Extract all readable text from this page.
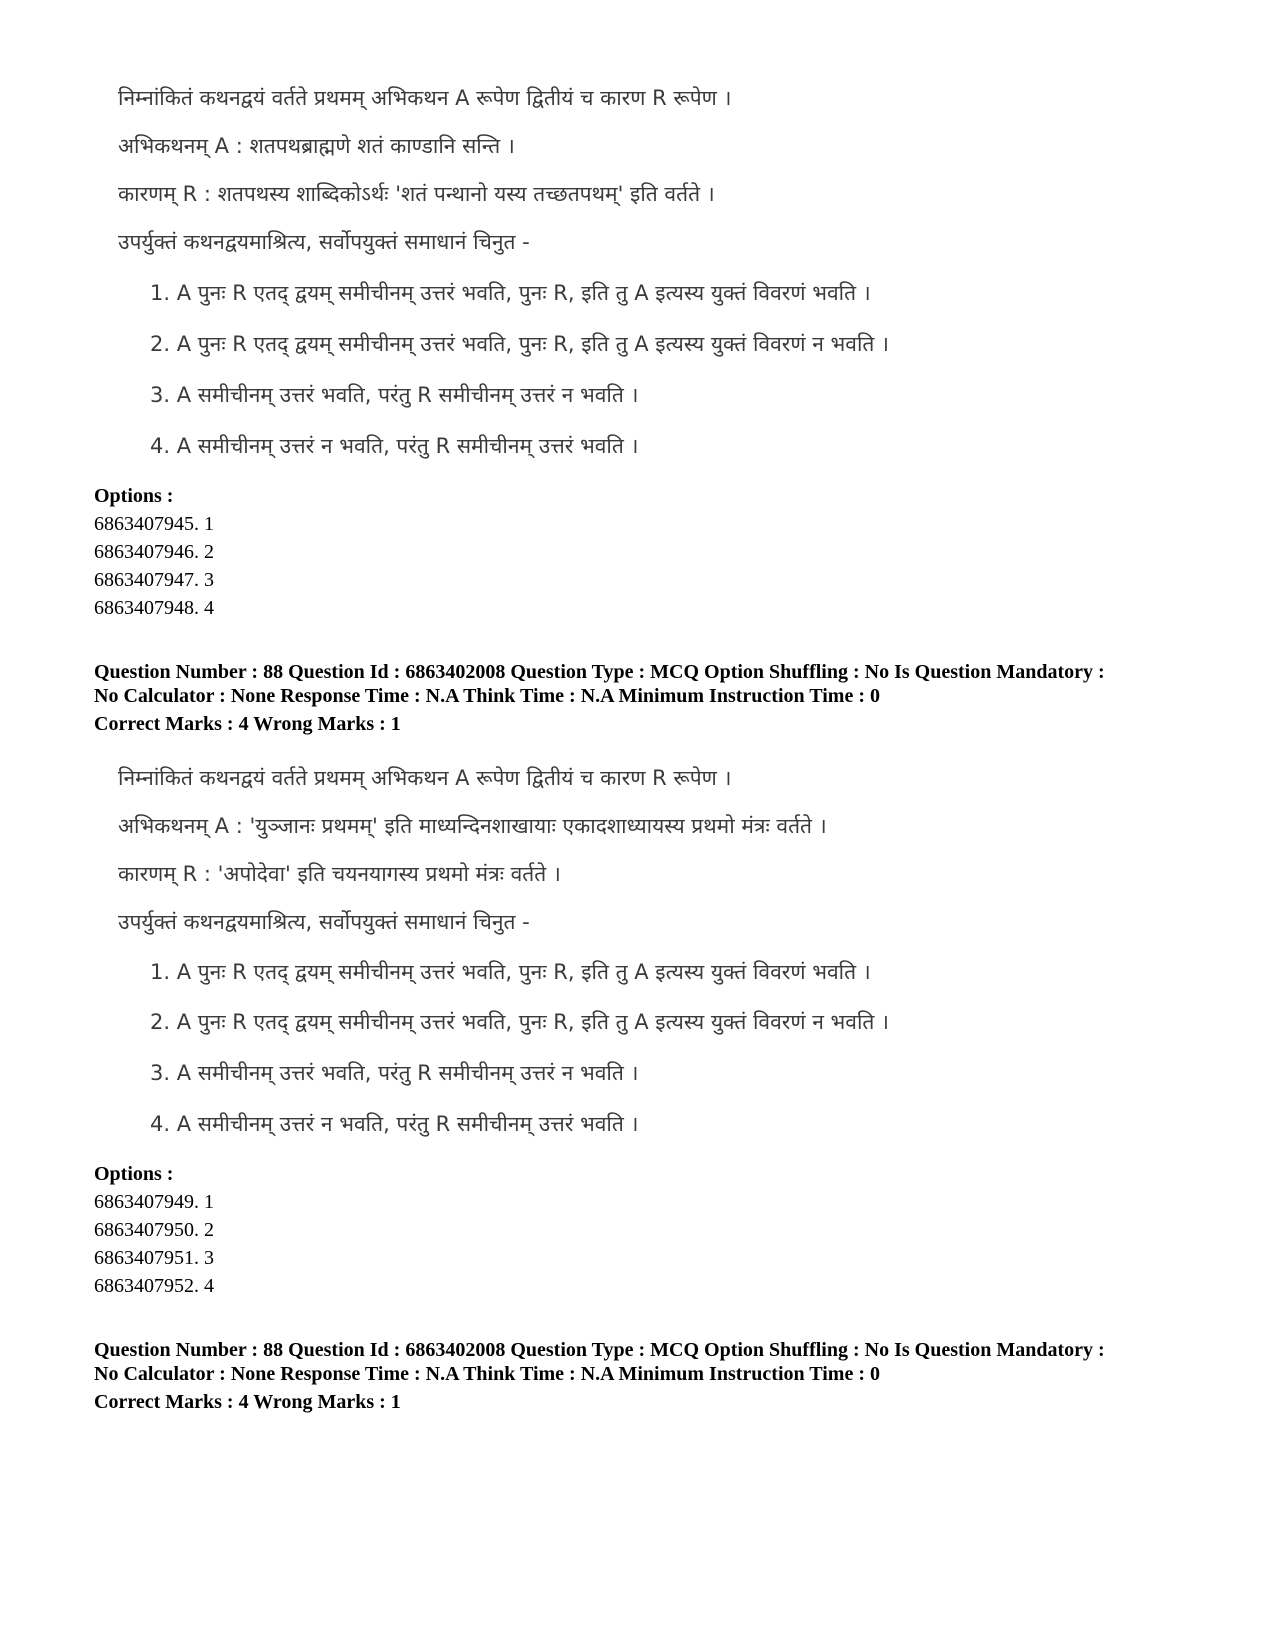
निम्नांकितं कथनद्वयं वर्तते प्रथमम् अभिकथन A रूपेण द्वितीयं च कारण R रूपेण ।
अभिकथनम् A : शतपथब्राह्मणे शतं काण्डानि सन्ति ।
कारणम् R : शतपथस्य शाब्दिकोऽर्थः 'शतं पन्थानो यस्य तच्छतपथम्' इति वर्तते ।
उपर्युक्तं कथनद्वयमाश्रित्य, सर्वोपयुक्तं समाधानं चिनुत -
1. A पुनः R एतद् द्वयम् समीचीनम् उत्तरं भवति, पुनः R, इति तु A इत्यस्य युक्तं विवरणं भवति ।
2. A पुनः R एतद् द्वयम् समीचीनम् उत्तरं भवति, पुनः R, इति तु A इत्यस्य युक्तं विवरणं न भवति ।
3. A समीचीनम् उत्तरं भवति, परंतु R समीचीनम् उत्तरं न भवति ।
4. A समीचीनम् उत्तरं न भवति, परंतु R समीचीनम् उत्तरं भवति ।
Options :
6863407945. 1
6863407946. 2
6863407947. 3
6863407948. 4
Question Number : 88 Question Id : 6863402008 Question Type : MCQ Option Shuffling : No Is Question Mandatory :
No Calculator : None Response Time : N.A Think Time : N.A Minimum Instruction Time : 0
Correct Marks : 4 Wrong Marks : 1
निम्नांकितं कथनद्वयं वर्तते प्रथमम् अभिकथन A रूपेण द्वितीयं च कारण R रूपेण ।
अभिकथनम् A : 'युञ्जानः प्रथमम्' इति माध्यन्दिनशाखायाः एकादशाध्यायस्य प्रथमो मंत्रः वर्तते ।
कारणम् R : 'अपोदेवा' इति चयनयागस्य प्रथमो मंत्रः वर्तते ।
उपर्युक्तं कथनद्वयमाश्रित्य, सर्वोपयुक्तं समाधानं चिनुत -
1. A पुनः R एतद् द्वयम् समीचीनम् उत्तरं भवति, पुनः R, इति तु A इत्यस्य युक्तं विवरणं भवति ।
2. A पुनः R एतद् द्वयम् समीचीनम् उत्तरं भवति, पुनः R, इति तु A इत्यस्य युक्तं विवरणं न भवति ।
3. A समीचीनम् उत्तरं भवति, परंतु R समीचीनम् उत्तरं न भवति ।
4. A समीचीनम् उत्तरं न भवति, परंतु R समीचीनम् उत्तरं भवति ।
Options :
6863407949. 1
6863407950. 2
6863407951. 3
6863407952. 4
Question Number : 88 Question Id : 6863402008 Question Type : MCQ Option Shuffling : No Is Question Mandatory :
No Calculator : None Response Time : N.A Think Time : N.A Minimum Instruction Time : 0
Correct Marks : 4 Wrong Marks : 1
